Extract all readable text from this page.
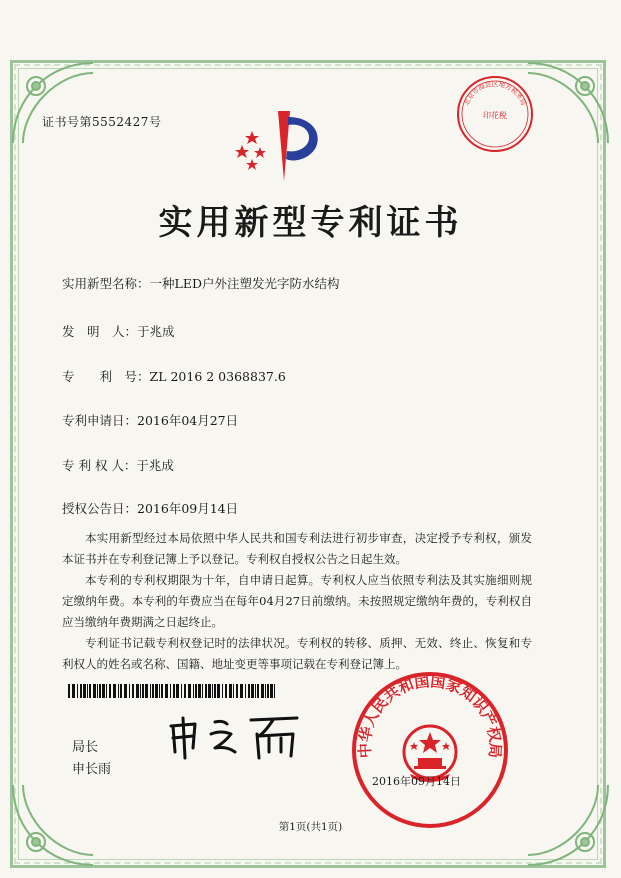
证书号第5552427号
实用新型专利证书
实用新型名称：一种LED户外注塑发光字防水结构
发　明　人：于兆成
专　　利　号：ZL 2016 2 0368837.6
专利申请日：2016年04月27日
专 利 权 人：于兆成
授权公告日：2016年09月14日

本实用新型经过本局依照中华人民共和国专利法进行初步审查，决定授予专利权，颁发本证书并在专利登记簿上予以登记。专利权自授权公告之日起生效。

本专利的专利权期限为十年，自申请日起算。专利权人应当依照专利法及其实施细则规定缴纳年费。本专利的年费应当在每年04月27日前缴纳。未按照规定缴纳年费的，专利权自应当缴纳年费期满之日起终止。

专利证书记载专利权登记时的法律状况。专利权的转移、质押、无效、终止、恢复和专利权人的姓名或名称、国籍、地址变更等事项记载在专利登记簿上。

局长
申长雨
北京市海淀区地方税务局
印花税
中华人民共和国国家知识产权局
2016年09月14日
第1页(共1页)
